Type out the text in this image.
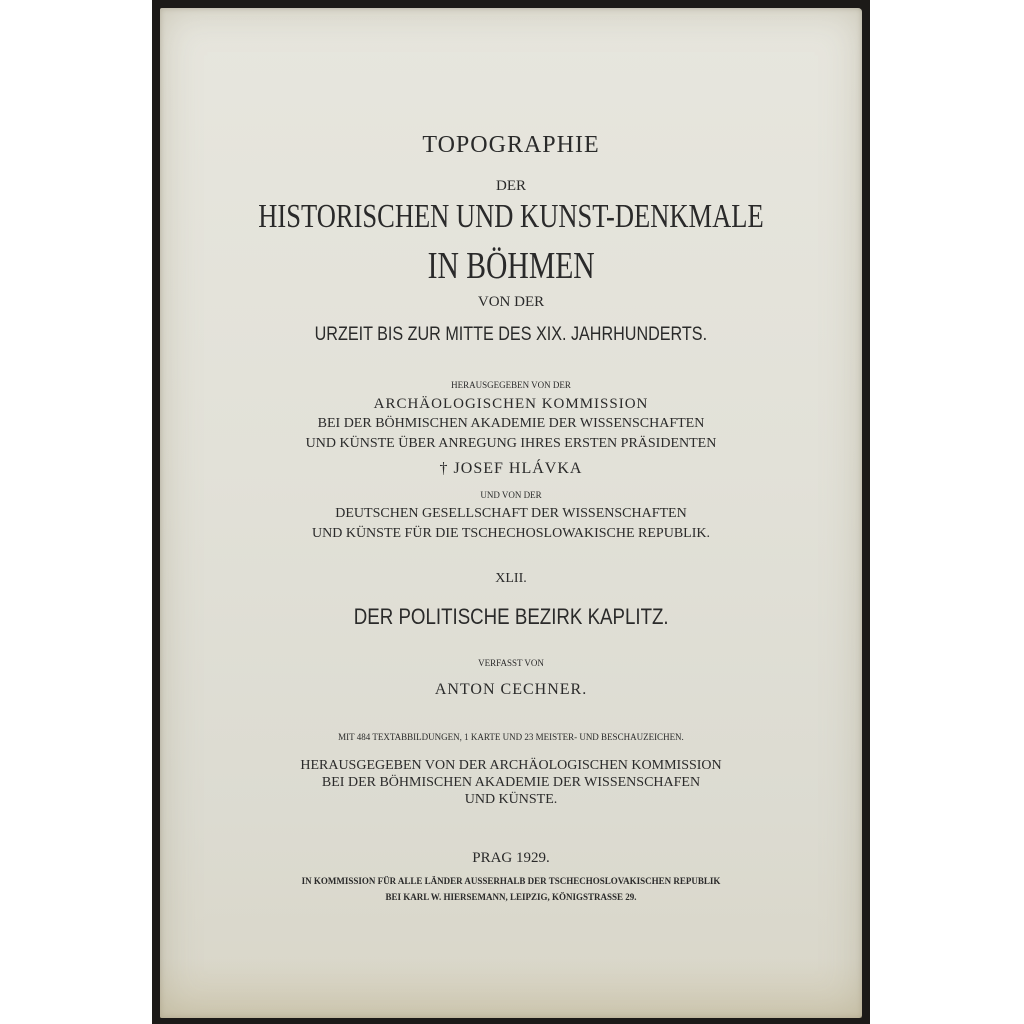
TOPOGRAPHIE
DER
HISTORISCHEN UND KUNST-DENKMALE
IN BÖHMEN
VON DER
URZEIT BIS ZUR MITTE DES XIX. JAHRHUNDERTS.
HERAUSGEGEBEN VON DER
ARCHÄOLOGISCHEN KOMMISSION
BEI DER BÖHMISCHEN AKADEMIE DER WISSENSCHAFTEN
UND KÜNSTE ÜBER ANREGUNG IHRES ERSTEN PRÄSIDENTEN
† JOSEF HLÁVKA
UND VON DER
DEUTSCHEN GESELLSCHAFT DER WISSENSCHAFTEN
UND KÜNSTE FÜR DIE TSCHECHOSLOWAKISCHE REPUBLIK.
XLII.
DER POLITISCHE BEZIRK KAPLITZ.
VERFASST VON
ANTON CECHNER.
MIT 484 TEXTABBILDUNGEN, 1 KARTE UND 23 MEISTER- UND BESCHAUZEICHEN.
HERAUSGEGEBEN VON DER ARCHÄOLOGISCHEN KOMMISSION
BEI DER BÖHMISCHEN AKADEMIE DER WISSENSCHAFEN
UND KÜNSTE.
PRAG 1929.
IN KOMMISSION FÜR ALLE LÄNDER AUSSERHALB DER TSCHECHOSLOVAKISCHEN REPUBLIK
BEI KARL W. HIERSEMANN, LEIPZIG, KÖNIGSTRASSE 29.
